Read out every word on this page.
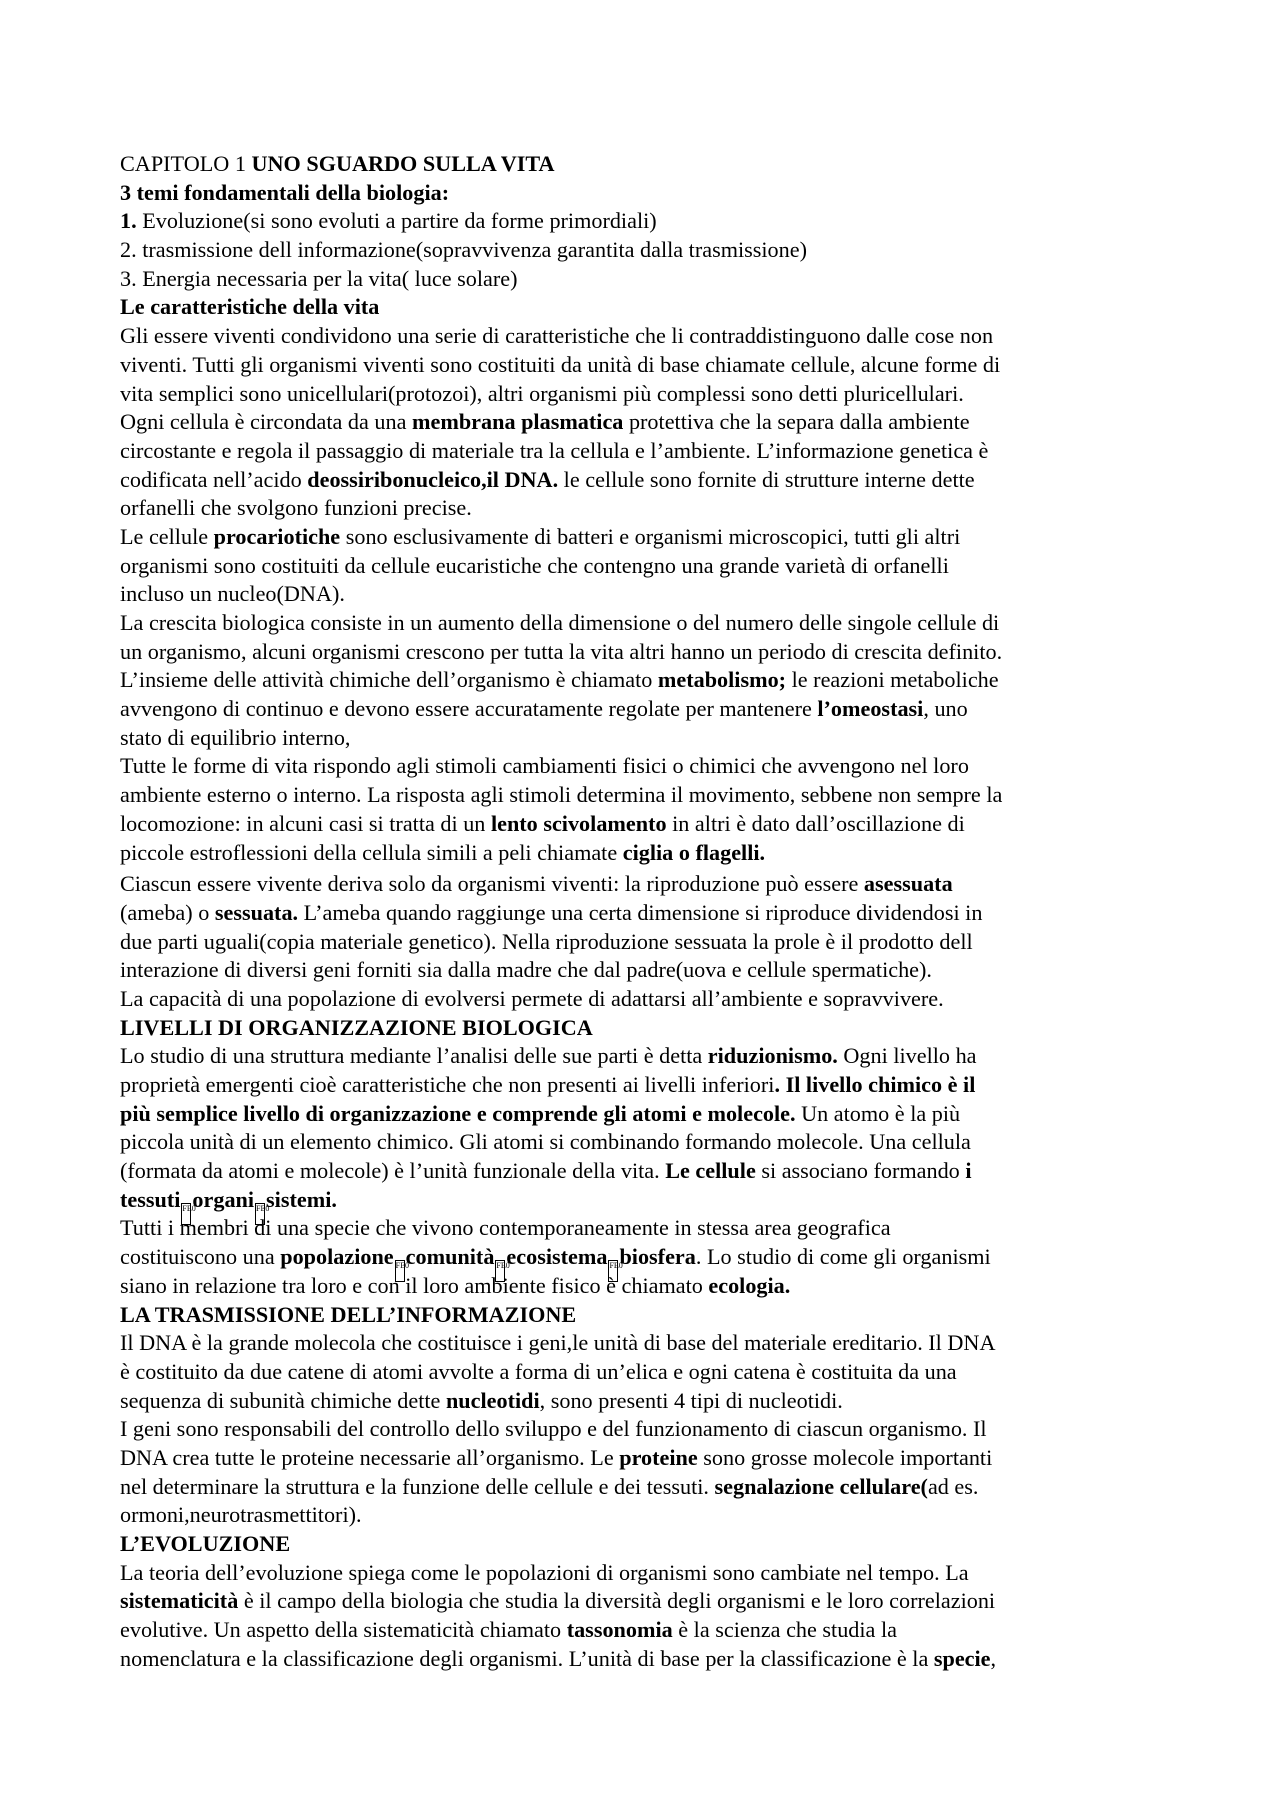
CAPITOLO 1 UNO SGUARDO SULLA VITA
3 temi fondamentali della biologia:
1. Evoluzione(si sono evoluti a partire da forme primordiali)
2. trasmissione dell informazione(sopravvivenza garantita dalla trasmissione)
3. Energia necessaria per la vita( luce solare)
Le caratteristiche della vita
Gli essere viventi condividono una serie di caratteristiche che li contraddistinguono dalle cose non
viventi. Tutti gli organismi viventi sono costituiti da unità di base chiamate cellule, alcune forme di
vita semplici sono unicellulari(protozoi), altri organismi più complessi sono detti pluricellulari.
Ogni cellula è circondata da una membrana plasmatica protettiva che la separa dalla ambiente
circostante e regola il passaggio di materiale tra la cellula e l’ambiente. L’informazione genetica è
codificata nell’acido deossiribonucleico,il DNA. le cellule sono fornite di strutture interne dette
orfanelli che svolgono funzioni precise.
Le cellule procariotiche sono esclusivamente di batteri e organismi microscopici, tutti gli altri
organismi sono costituiti da cellule eucaristiche che contengno una grande varietà di orfanelli
incluso un nucleo(DNA).
La crescita biologica consiste in un aumento della dimensione o del numero delle singole cellule di
un organismo, alcuni organismi crescono per tutta la vita altri hanno un periodo di crescita definito.
L’insieme delle attività chimiche dell’organismo è chiamato metabolismo; le reazioni metaboliche
avvengono di continuo e devono essere accuratamente regolate per mantenere l’omeostasi, uno
stato di equilibrio interno,
Tutte le forme di vita rispondo agli stimoli cambiamenti fisici o chimici che avvengono nel loro
ambiente esterno o interno. La risposta agli stimoli determina il movimento, sebbene non sempre la
locomozione: in alcuni casi si tratta di un lento scivolamento in altri è dato dall’oscillazione di
piccole estroflessioni della cellula simili a peli chiamate ciglia o flagelli.
Ciascun essere vivente deriva solo da organismi viventi: la riproduzione può essere asessuata
(ameba) o sessuata. L’ameba quando raggiunge una certa dimensione si riproduce dividendosi in
due parti uguali(copia materiale genetico). Nella riproduzione sessuata la prole è il prodotto dell
interazione di diversi geni forniti sia dalla madre che dal padre(uova e cellule spermatiche).
La capacità di una popolazione di evolversi permete di adattarsi all’ambiente e sopravvivere.
LIVELLI DI ORGANIZZAZIONE BIOLOGICA
Lo studio di una struttura mediante l’analisi delle sue parti è detta riduzionismo. Ogni livello ha
proprietà emergenti cioè caratteristiche che non presenti ai livelli inferiori. Il livello chimico è il
più semplice livello di organizzazione e comprende gli atomi e molecole. Un atomo è la più
piccola unità di un elemento chimico. Gli atomi si combinando formando molecole. Una cellula
(formata da atomi e molecole) è l’unità funzionale della vita. Le cellule si associano formando i
tessuti FE0organi FE0sistemi.
Tutti i membri di una specie che vivono contemporaneamente in stessa area geografica
costituiscono una popolazione FE0comunità FE0ecosistema FE0biosfera. Lo studio di come gli organismi
siano in relazione tra loro e con il loro ambiente fisico è chiamato ecologia.
LA TRASMISSIONE DELL’INFORMAZIONE
Il DNA è la grande molecola che costituisce i geni,le unità di base del materiale ereditario. Il DNA
è costituito da due catene di atomi avvolte a forma di un’elica e ogni catena è costituita da una
sequenza di subunità chimiche dette nucleotidi, sono presenti 4 tipi di nucleotidi.
I geni sono responsabili del controllo dello sviluppo e del funzionamento di ciascun organismo. Il
DNA crea tutte le proteine necessarie all’organismo. Le proteine sono grosse molecole importanti
nel determinare la struttura e la funzione delle cellule e dei tessuti. segnalazione cellulare(ad es.
ormoni,neurotrasmettitori).
L’EVOLUZIONE
La teoria dell’evoluzione spiega come le popolazioni di organismi sono cambiate nel tempo. La
sistematicità è il campo della biologia che studia la diversità degli organismi e le loro correlazioni
evolutive. Un aspetto della sistematicità chiamato tassonomia è la scienza che studia la
nomenclatura e la classificazione degli organismi. L’unità di base per la classificazione è la specie,
